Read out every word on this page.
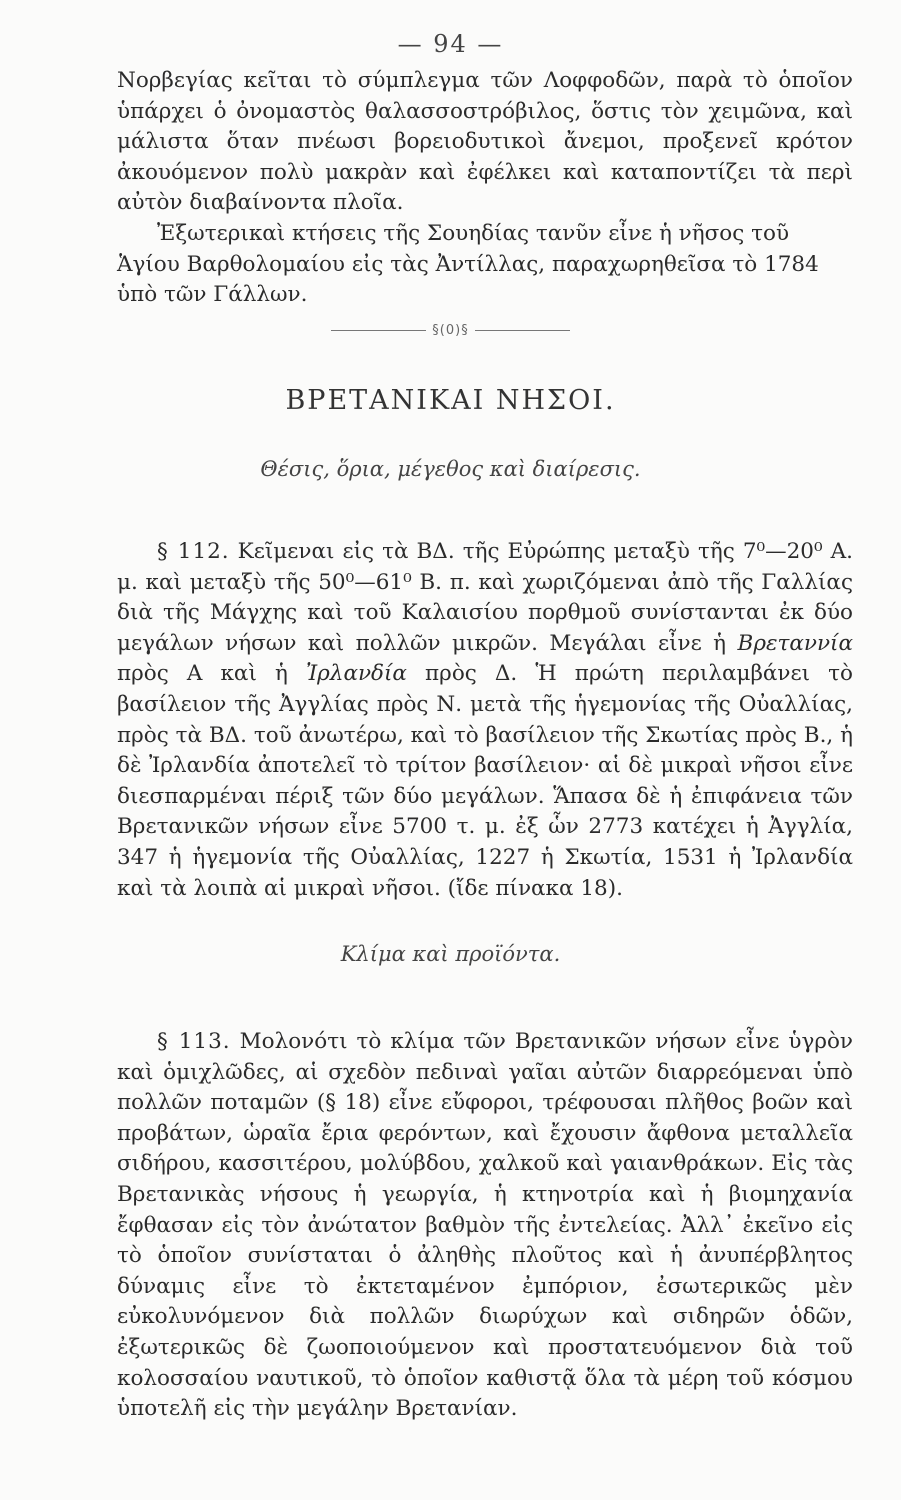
— 94 —

Νορβεγίας κεῖται τὸ σύμπλεγμα τῶν Λοφφοδῶν, παρὰ τὸ ὁποῖον ὑπάρχει ὁ ὀνομαστὸς θαλασσοστρόβιλος, ὅστις τὸν χειμῶνα, καὶ μάλιστα ὅταν πνέωσι βορειοδυτικοὶ ἄνεμοι, προξενεῖ κρότον ἀκουόμενον πολὺ μακρὰν καὶ ἐφέλκει καὶ καταποντίζει τὰ περὶ αὐτὸν διαβαίνοντα πλοῖα.

Ἐξωτερικαὶ κτήσεις τῆς Σουηδίας τανῦν εἶνε ἡ νῆσος τοῦ Ἁγίου Βαρθολομαίου εἰς τὰς Ἀντίλλας, παραχωρηθεῖσα τὸ 1784 ὑπὸ τῶν Γάλλων.

§(0)§
ΒΡΕΤΑΝΙΚΑΙ ΝΗΣΟΙ.
Θέσις, ὅρια, μέγεθος καὶ διαίρεσις.

§ 112. Κεῖμεναι εἰς τὰ ΒΔ. τῆς Εὐρώπης μεταξὺ τῆς 7⁰—20⁰ Α. μ. καὶ μεταξὺ τῆς 50⁰—61⁰ Β. π. καὶ χωριζόμεναι ἀπὸ τῆς Γαλλίας διὰ τῆς Μάγχης καὶ τοῦ Καλαισίου πορθμοῦ συνίστανται ἐκ δύο μεγάλων νήσων καὶ πολλῶν μικρῶν. Μεγάλαι εἶνε ἡ Βρεταννία πρὸς Α καὶ ἡ Ἰρλανδία πρὸς Δ. Ἡ πρώτη περιλαμβάνει τὸ βασίλειον τῆς Ἀγγλίας πρὸς Ν. μετὰ τῆς ἡγεμονίας τῆς Οὐαλλίας, πρὸς τὰ ΒΔ. τοῦ ἀνωτέρω, καὶ τὸ βασίλειον τῆς Σκωτίας πρὸς Β., ἡ δὲ Ἰρλανδία ἀποτελεῖ τὸ τρίτον βασίλειον· αἱ δὲ μικραὶ νῆσοι εἶνε διεσπαρμέναι πέριξ τῶν δύο μεγάλων. Ἅπασα δὲ ἡ ἐπιφάνεια τῶν Βρετανικῶν νήσων εἶνε 5700 τ. μ. ἐξ ὧν 2773 κατέχει ἡ Ἀγγλία, 347 ἡ ἡγεμονία τῆς Οὐαλλίας, 1227 ἡ Σκωτία, 1531 ἡ Ἰρλανδία καὶ τὰ λοιπὰ αἱ μικραὶ νῆσοι. (ἴδε πίνακα 18).

Κλίμα καὶ προϊόντα.

§ 113. Μολονότι τὸ κλίμα τῶν Βρετανικῶν νήσων εἶνε ὑγρὸν καὶ ὁμιχλῶδες, αἱ σχεδὸν πεδιναὶ γαῖαι αὐτῶν διαρρεόμεναι ὑπὸ πολλῶν ποταμῶν (§ 18) εἶνε εὔφοροι, τρέφουσαι πλῆθος βοῶν καὶ προβάτων, ὡραῖα ἔρια φερόντων, καὶ ἔχουσιν ἄφθονα μεταλλεῖα σιδήρου, κασσιτέρου, μολύβδου, χαλκοῦ καὶ γαιανθράκων. Εἰς τὰς Βρετανικὰς νήσους ἡ γεωργία, ἡ κτηνοτρία καὶ ἡ βιομηχανία ἔφθασαν εἰς τὸν ἀνώτατον βαθμὸν τῆς ἐντελείας. Ἀλλ᾽ ἐκεῖνο εἰς τὸ ὁποῖον συνίσταται ὁ ἀληθὴς πλοῦτος καὶ ἡ ἀνυπέρβλητος δύναμις εἶνε τὸ ἐκτεταμένον ἐμπόριον, ἐσωτερικῶς μὲν εὐκολυνόμενον διὰ πολλῶν διωρύχων καὶ σιδηρῶν ὁδῶν, ἐξωτερικῶς δὲ ζωοποιούμενον καὶ προστατευόμενον διὰ τοῦ κολοσσαίου ναυτικοῦ, τὸ ὁποῖον καθιστᾷ ὅλα τὰ μέρη τοῦ κόσμου ὑποτελῆ εἰς τὴν μεγάλην Βρετανίαν.
